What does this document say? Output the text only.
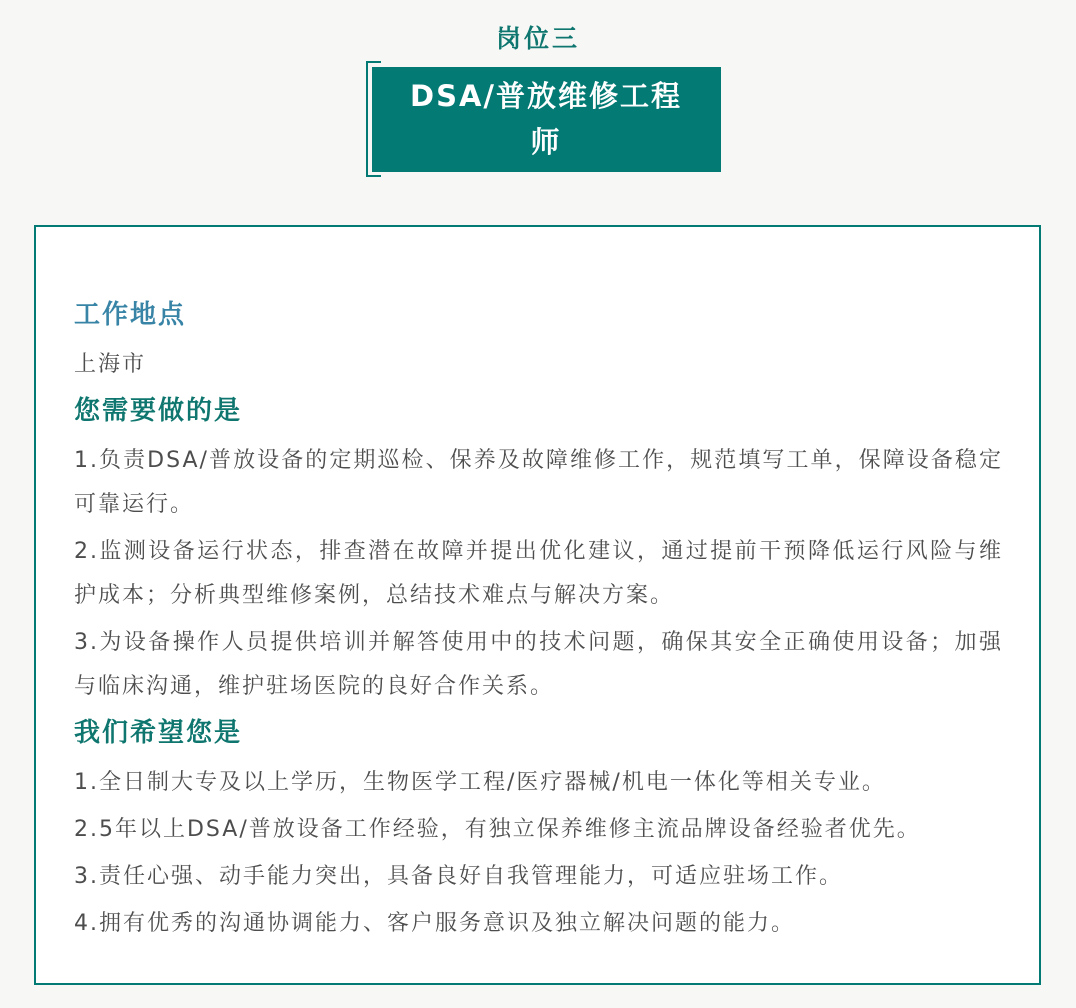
岗位三
DSA/普放维修工程
师
工作地点

上海市

您需要做的是

1.负责DSA/普放设备的定期巡检、保养及故障维修工作，规范填写工单，保障设备稳定可靠运行。

2.监测设备运行状态，排查潜在故障并提出优化建议，通过提前干预降低运行风险与维护成本；分析典型维修案例，总结技术难点与解决方案。

3.为设备操作人员提供培训并解答使用中的技术问题，确保其安全正确使用设备；加强与临床沟通，维护驻场医院的良好合作关系。

我们希望您是

1.全日制大专及以上学历，生物医学工程/医疗器械/机电一体化等相关专业。

2.5年以上DSA/普放设备工作经验，有独立保养维修主流品牌设备经验者优先。

3.责任心强、动手能力突出，具备良好自我管理能力，可适应驻场工作。

4.拥有优秀的沟通协调能力、客户服务意识及独立解决问题的能力。
